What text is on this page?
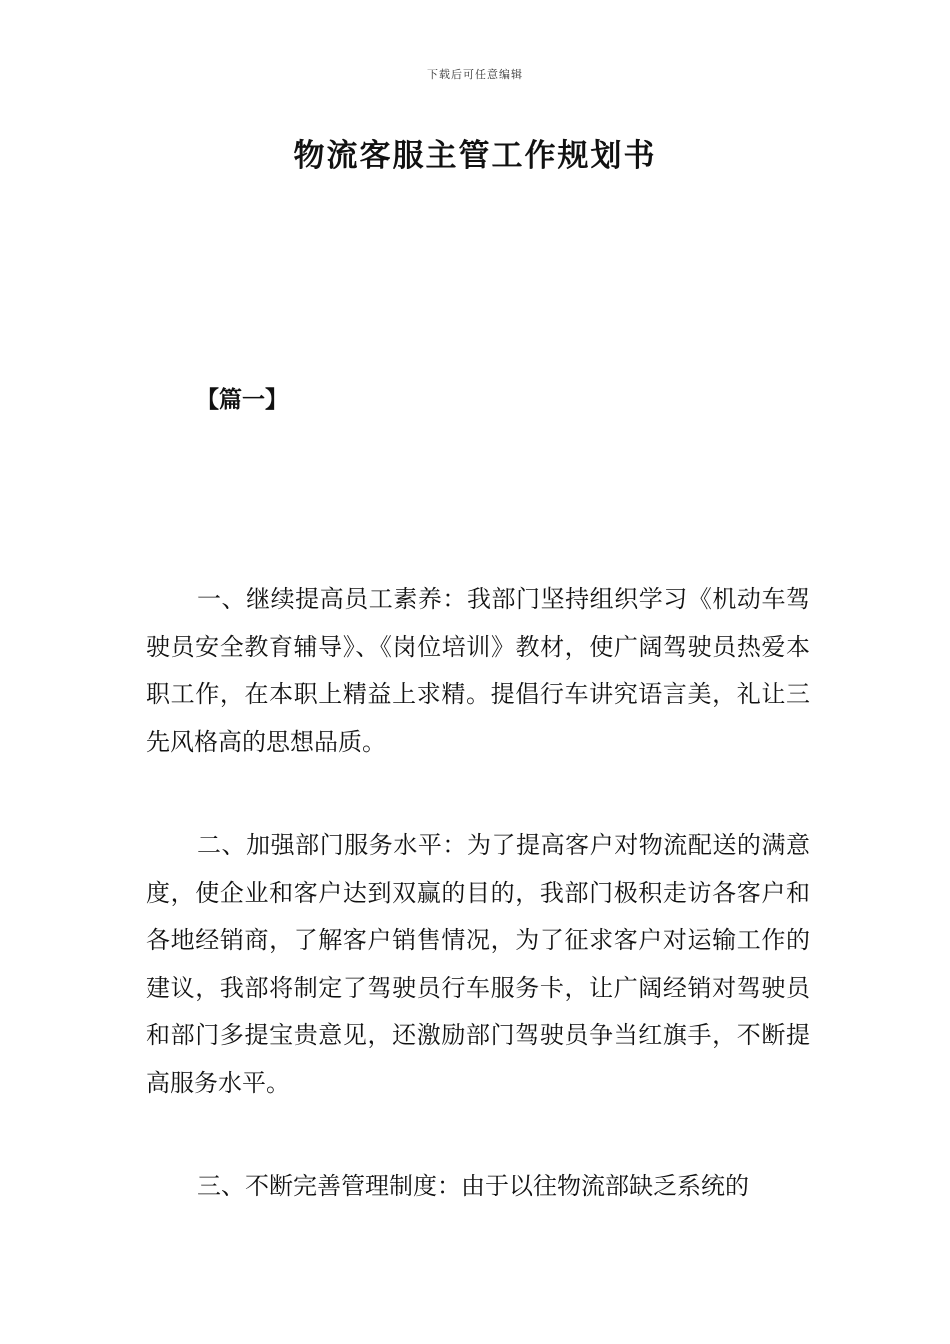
下载后可任意编辑
物流客服主管工作规划书
【篇一】

一、继续提高员工素养：我部门坚持组织学习《机动车驾驶员安全教育辅导》、《岗位培训》教材，使广阔驾驶员热爱本职工作，在本职上精益上求精。提倡行车讲究语言美，礼让三先风格高的思想品质。

二、加强部门服务水平：为了提高客户对物流配送的满意度，使企业和客户达到双赢的目的，我部门极积走访各客户和各地经销商，了解客户销售情况，为了征求客户对运输工作的建议，我部将制定了驾驶员行车服务卡，让广阔经销对驾驶员和部门多提宝贵意见，还激励部门驾驶员争当红旗手，不断提高服务水平。

三、不断完善管理制度：由于以往物流部缺乏系统的
